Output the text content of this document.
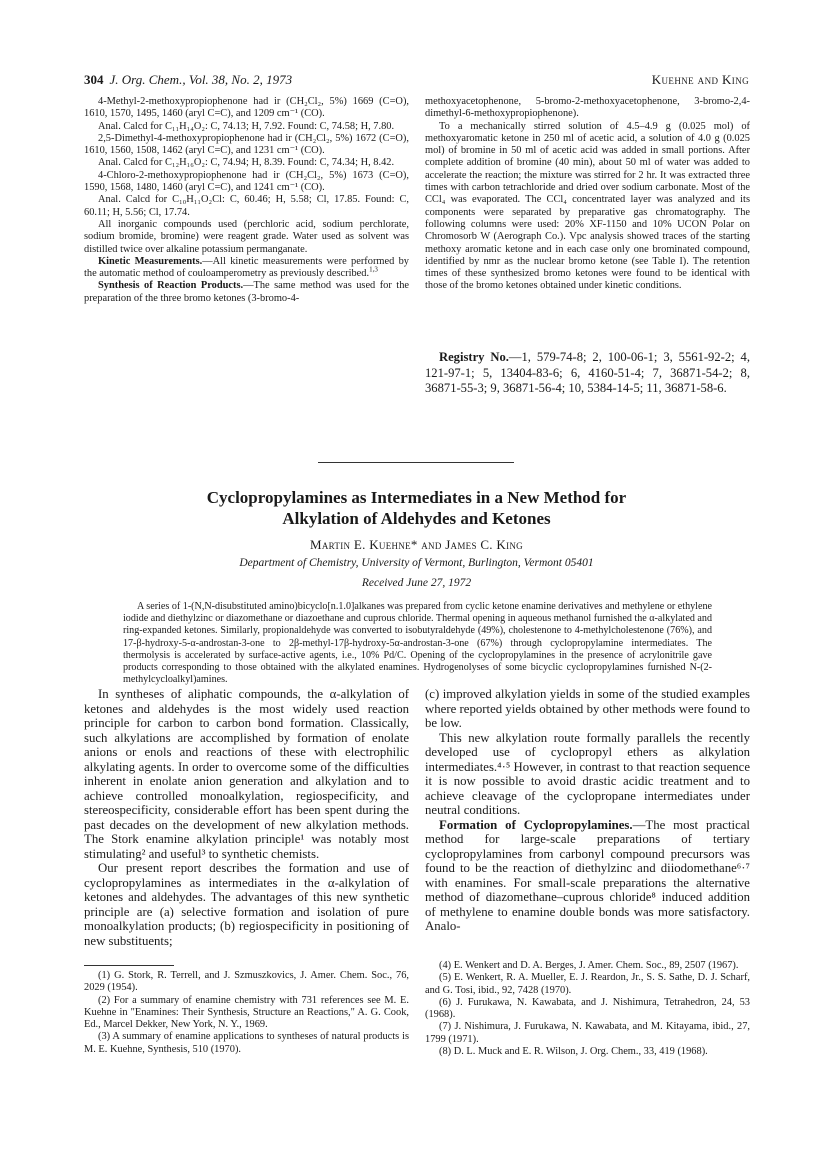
304 J. Org. Chem., Vol. 38, No. 2, 1973	Kuehne and King

4-Methyl-2-methoxypropiophenone had ir (CH₂Cl₂, 5%) 1669 (C=O), 1610, 1570, 1495, 1460 (aryl C=C), and 1209 cm⁻¹ (CO).

Anal. Calcd for C₁₁H₁₄O₂: C, 74.13; H, 7.92. Found: C, 74.58; H, 7.80.

2,5-Dimethyl-4-methoxypropiophenone had ir (CH₂Cl₂, 5%) 1672 (C=O), 1610, 1560, 1508, 1462 (aryl C=C), and 1231 cm⁻¹ (CO).

Anal. Calcd for C₁₂H₁₆O₂: C, 74.94; H, 8.39. Found: C, 74.34; H, 8.42.

4-Chloro-2-methoxypropiophenone had ir (CH₂Cl₂, 5%) 1673 (C=O), 1590, 1568, 1480, 1460 (aryl C=C), and 1241 cm⁻¹ (CO).

Anal. Calcd for C₁₀H₁₁O₂Cl: C, 60.46; H, 5.58; Cl, 17.85. Found: C, 60.11; H, 5.56; Cl, 17.74.

All inorganic compounds used (perchloric acid, sodium perchlorate, sodium bromide, bromine) were reagent grade. Water used as solvent was distilled twice over alkaline potassium permanganate.

Kinetic Measurements.—All kinetic measurements were performed by the automatic method of couloamperometry as previously described.$^{1,3}$

Synthesis of Reaction Products.—The same method was used for the preparation of the three bromo ketones (3-bromo-4-

methoxyacetophenone, 5-bromo-2-methoxyacetophenone, 3-bromo-2,4-dimethyl-6-methoxypropiophenone).

To a mechanically stirred solution of 4.5–4.9 g (0.025 mol) of methoxyaromatic ketone in 250 ml of acetic acid, a solution of 4.0 g (0.025 mol) of bromine in 50 ml of acetic acid was added in small portions. After complete addition of bromine (40 min), about 50 ml of water was added to accelerate the reaction; the mixture was stirred for 2 hr. It was extracted three times with carbon tetrachloride and dried over sodium carbonate. Most of the CCl₄ was evaporated. The CCl₄ concentrated layer was analyzed and its components were separated by preparative gas chromatography. The following columns were used: 20% XF-1150 and 10% UCON Polar on Chromosorb W (Aerograph Co.). Vpc analysis showed traces of the starting methoxy aromatic ketone and in each case only one brominated compound, identified by nmr as the nuclear bromo ketone (see Table I). The retention times of these synthesized bromo ketones were found to be identical with those of the bromo ketones obtained under kinetic conditions.

Registry No.—1, 579-74-8; 2, 100-06-1; 3, 5561-92-2; 4, 121-97-1; 5, 13404-83-6; 6, 4160-51-4; 7, 36871-54-2; 8, 36871-55-3; 9, 36871-56-4; 10, 5384-14-5; 11, 36871-58-6.

Cyclopropylamines as Intermediates in a New Method for
Alkylation of Aldehydes and Ketones
Martin E. Kuehne* and James C. King
Department of Chemistry, University of Vermont, Burlington, Vermont 05401
Received June 27, 1972
A series of 1-(N,N-disubstituted amino)bicyclo[n.1.0]alkanes was prepared from cyclic ketone enamine derivatives and methylene or ethylene iodide and diethylzinc or diazomethane or diazoethane and cuprous chloride. Thermal opening in aqueous methanol furnished the α-alkylated and ring-expanded ketones. Similarly, propionaldehyde was converted to isobutyraldehyde (49%), cholestenone to 4-methylcholestenone (76%), and 17-β-hydroxy-5-α-androstan-3-one to 2β-methyl-17β-hydroxy-5α-androstan-3-one (67%) through cyclopropylamine intermediates. The thermolysis is accelerated by surface-active agents, i.e., 10% Pd/C. Opening of the cyclopropylamines in the presence of acrylonitrile gave products corresponding to those obtained with the alkylated enamines. Hydrogenolyses of some bicyclic cyclopropylamines furnished N-(2-methylcycloalkyl)amines.

In syntheses of aliphatic compounds, the α-alkylation of ketones and aldehydes is the most widely used reaction principle for carbon to carbon bond formation. Classically, such alkylations are accomplished by formation of enolate anions or enols and reactions of these with electrophilic alkylating agents. In order to overcome some of the difficulties inherent in enolate anion generation and alkylation and to achieve controlled monoalkylation, regiospecificity, and stereospecificity, considerable effort has been spent during the past decades on the development of new alkylation methods. The Stork enamine alkylation principle¹ was notably most stimulating² and useful³ to synthetic chemists.

Our present report describes the formation and use of cyclopropylamines as intermediates in the α-alkylation of ketones and aldehydes. The advantages of this new synthetic principle are (a) selective formation and isolation of pure monoalkylation products; (b) regiospecificity in positioning of new substituents;

(c) improved alkylation yields in some of the studied examples where reported yields obtained by other methods were found to be low.

This new alkylation route formally parallels the recently developed use of cyclopropyl ethers as alkylation intermediates.⁴·⁵ However, in contrast to that reaction sequence it is now possible to avoid drastic acidic treatment and to achieve cleavage of the cyclopropane intermediates under neutral conditions.

Formation of Cyclopropylamines.—The most practical method for large-scale preparations of tertiary cyclopropylamines from carbonyl compound precursors was found to be the reaction of diethylzinc and diiodomethane⁶·⁷ with enamines. For small-scale preparations the alternative method of diazomethane–cuprous chloride⁸ induced addition of methylene to enamine double bonds was more satisfactory. Analo-

(1) G. Stork, R. Terrell, and J. Szmuszkovics, J. Amer. Chem. Soc., 76, 2029 (1954).

(2) For a summary of enamine chemistry with 731 references see M. E. Kuehne in "Enamines: Their Synthesis, Structure an Reactions," A. G. Cook, Ed., Marcel Dekker, New York, N. Y., 1969.

(3) A summary of enamine applications to syntheses of natural products is M. E. Kuehne, Synthesis, 510 (1970).

(4) E. Wenkert and D. A. Berges, J. Amer. Chem. Soc., 89, 2507 (1967).

(5) E. Wenkert, R. A. Mueller, E. J. Reardon, Jr., S. S. Sathe, D. J. Scharf, and G. Tosi, ibid., 92, 7428 (1970).

(6) J. Furukawa, N. Kawabata, and J. Nishimura, Tetrahedron, 24, 53 (1968).

(7) J. Nishimura, J. Furukawa, N. Kawabata, and M. Kitayama, ibid., 27, 1799 (1971).

(8) D. L. Muck and E. R. Wilson, J. Org. Chem., 33, 419 (1968).
